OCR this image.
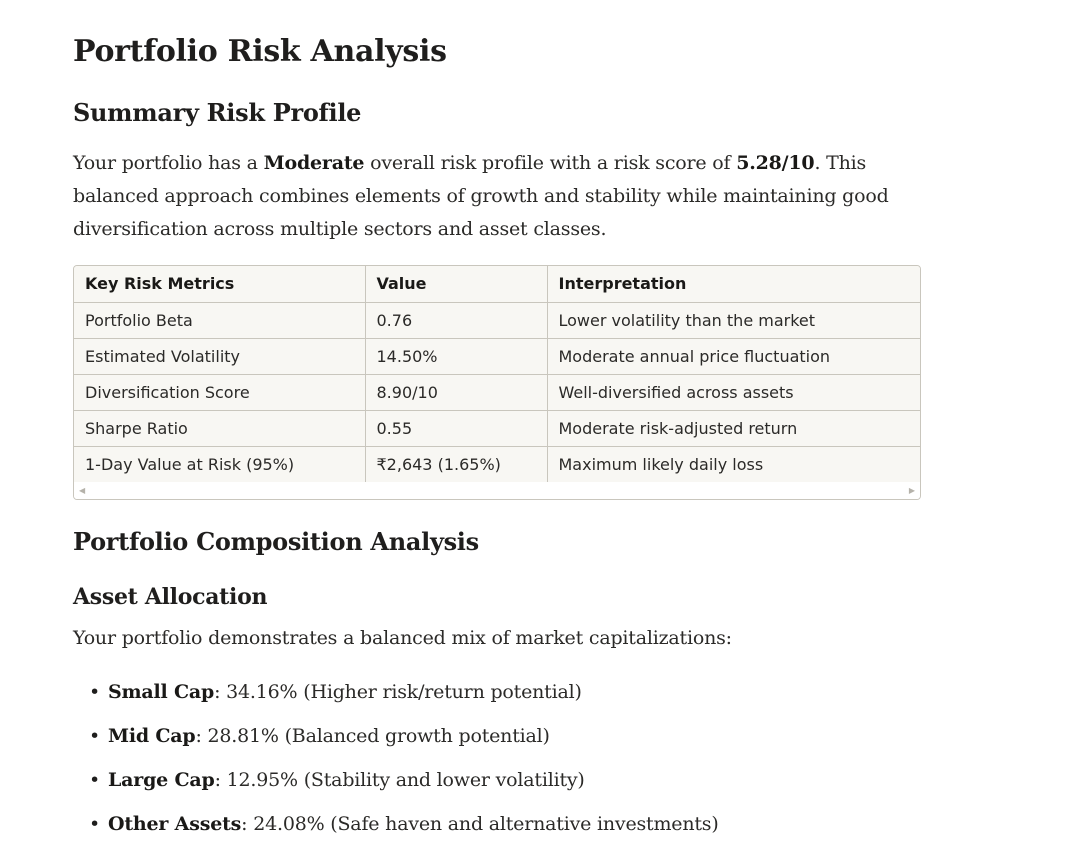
Portfolio Risk Analysis
Summary Risk Profile

Your portfolio has a Moderate overall risk profile with a risk score of 5.28/10. This balanced approach combines elements of growth and stability while maintaining good diversification across multiple sectors and asset classes.

Key Risk Metrics	Value	Interpretation
Portfolio Beta	0.76	Lower volatility than the market
Estimated Volatility	14.50%	Moderate annual price fluctuation
Diversification Score	8.90/10	Well-diversified across assets
Sharpe Ratio	0.55	Moderate risk-adjusted return
1-Day Value at Risk (95%)	₹2,643 (1.65%)	Maximum likely daily loss
◀	▶
Portfolio Composition Analysis
Asset Allocation

Your portfolio demonstrates a balanced mix of market capitalizations:

• Small Cap: 34.16% (Higher risk/return potential)
• Mid Cap: 28.81% (Balanced growth potential)
• Large Cap: 12.95% (Stability and lower volatility)
• Other Assets: 24.08% (Safe haven and alternative investments)
